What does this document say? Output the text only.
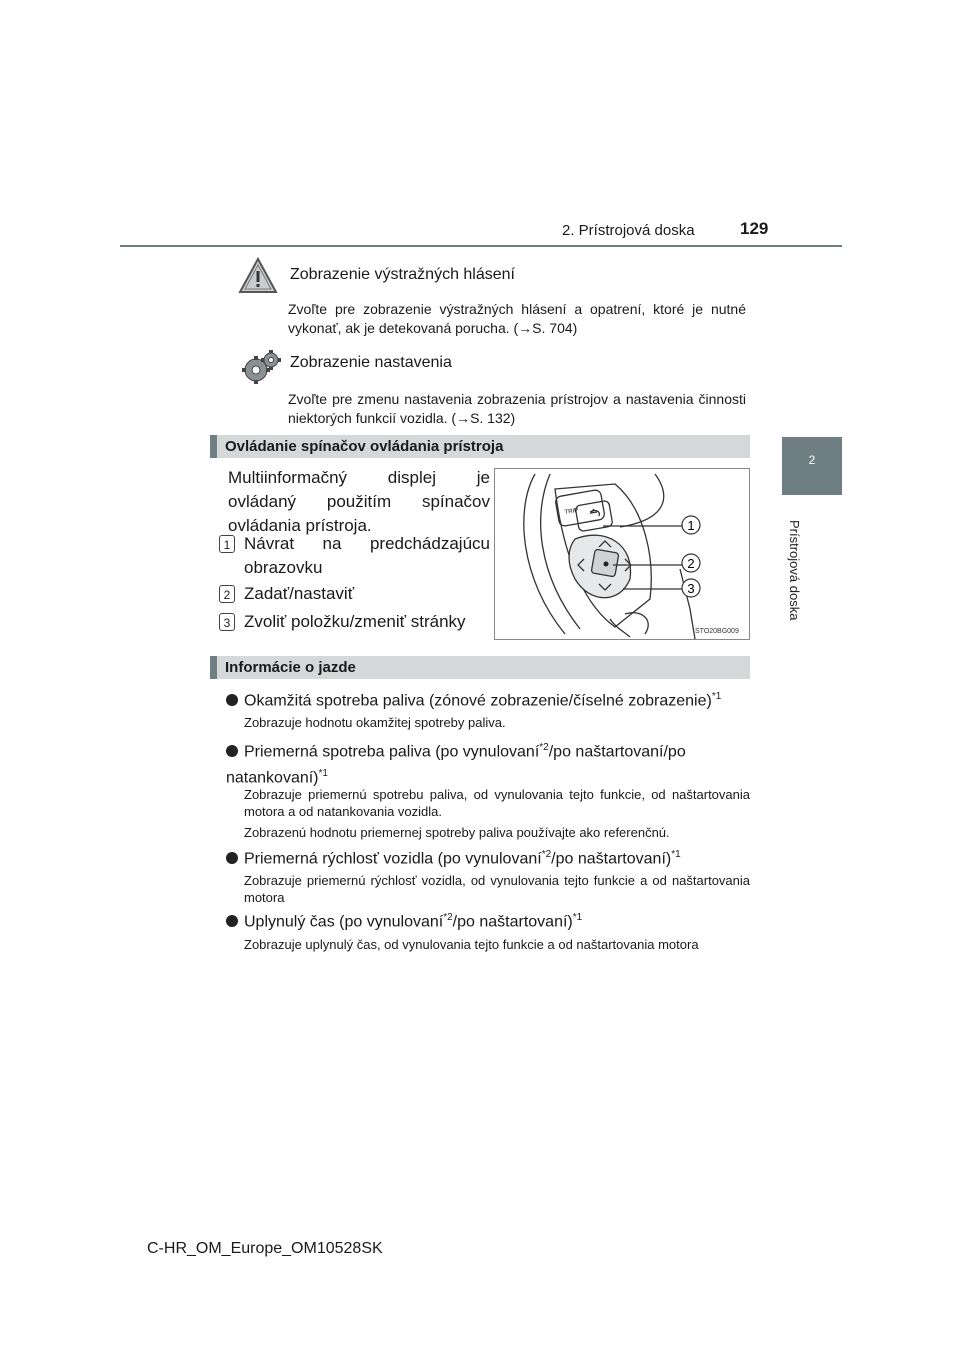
2. Prístrojová doska	129
2
Prístrojová doska
Zobrazenie výstražných hlásení
Zvoľte pre zobrazenie výstražných hlásení a opatrení, ktoré je nutné vykonať, ak je detekovaná porucha. (→S. 704)
Zobrazenie nastavenia
Zvoľte pre zmenu nastavenia zobrazenia prístrojov a nastavenia činnosti niektorých funkcií vozidla. (→S. 132)
Ovládanie spínačov ovládania prístroja
Multiinformačný displej je ovládaný použitím spínačov ovládania prístroja.
1 Návrat na predchádzajúcu obrazovku
2 Zadať/nastaviť
3 Zvoliť položku/zmeniť stránky
1
2
3
TRIP
STO20BG009
Informácie o jazde
Okamžitá spotreba paliva (zónové zobrazenie/číselné zobrazenie)$^{*1}$
Zobrazuje hodnotu okamžitej spotreby paliva.
Priemerná spotreba paliva (po vynulovaní$^{*2}$/po naštartovaní/po natankovaní)$^{*1}$
Zobrazuje priemernú spotrebu paliva, od vynulovania tejto funkcie, od naštartovania motora a od natankovania vozidla.
Zobrazenú hodnotu priemernej spotreby paliva používajte ako referenčnú.
Priemerná rýchlosť vozidla (po vynulovaní$^{*2}$/po naštartovaní)$^{*1}$
Zobrazuje priemernú rýchlosť vozidla, od vynulovania tejto funkcie a od naštartovania motora
Uplynulý čas (po vynulovaní$^{*2}$/po naštartovaní)$^{*1}$
Zobrazuje uplynulý čas, od vynulovania tejto funkcie a od naštartovania motora
C-HR_OM_Europe_OM10528SK
